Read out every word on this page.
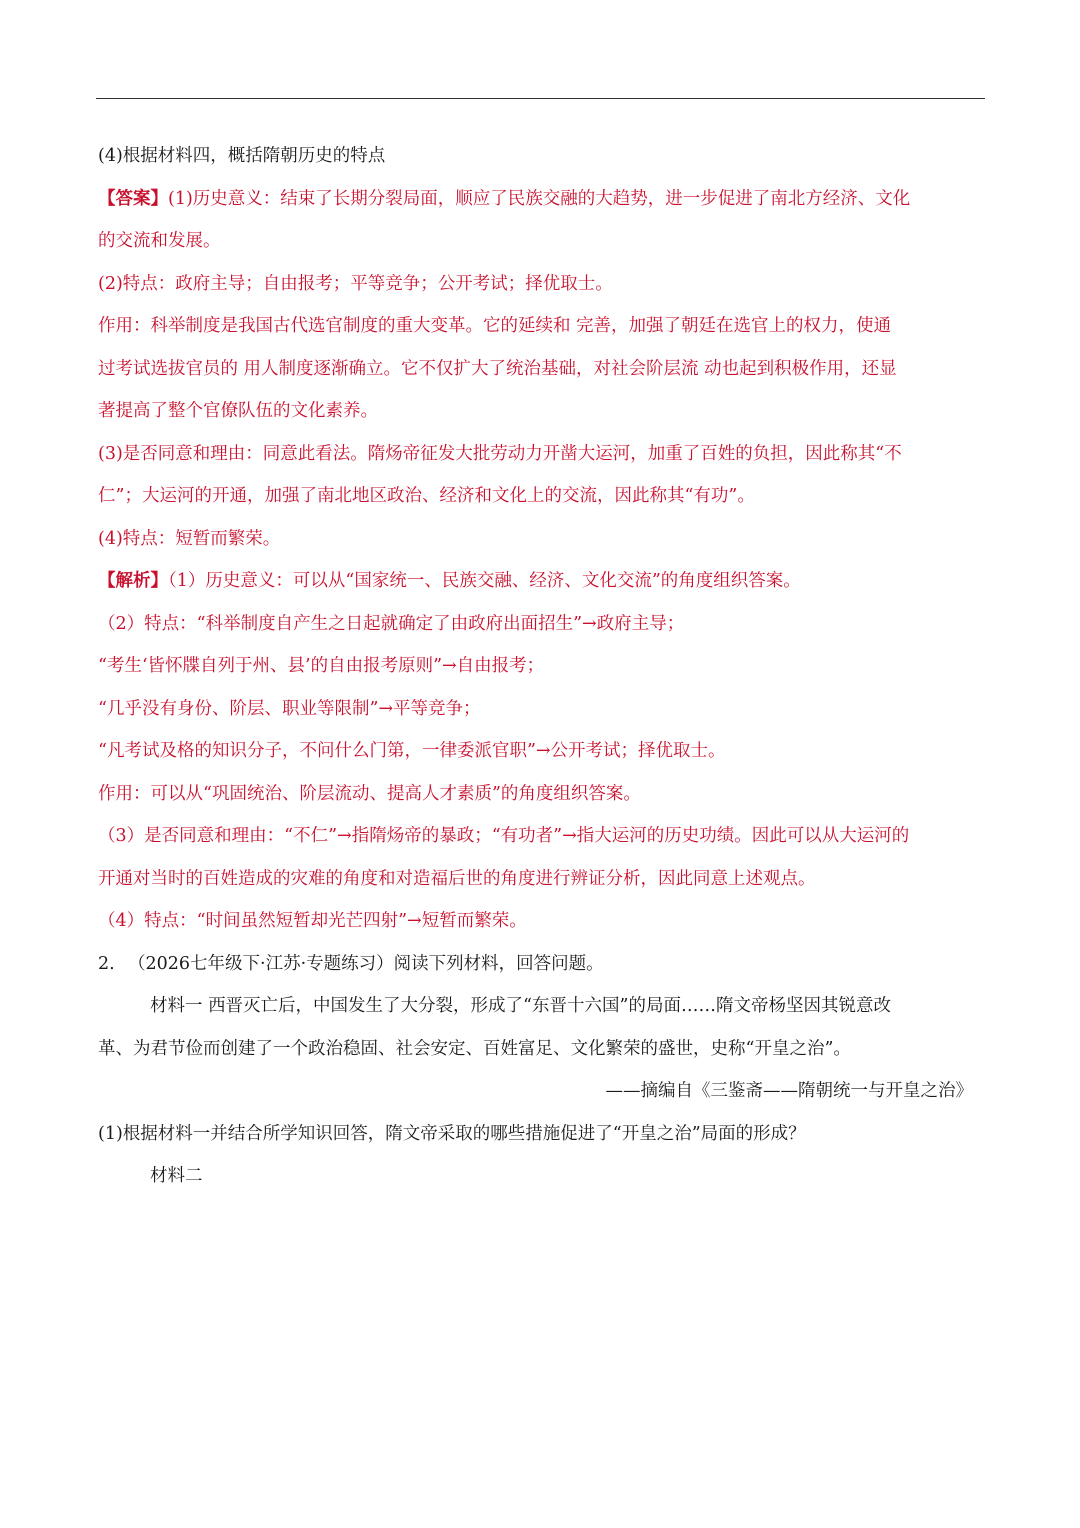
(4)根据材料四，概括隋朝历史的特点
【答案】(1)历史意义：结束了长期分裂局面，顺应了民族交融的大趋势，进一步促进了南北方经济、文化
的交流和发展。
(2)特点：政府主导；自由报考；平等竞争；公开考试；择优取士。
作用：科举制度是我国古代选官制度的重大变革。它的延续和 完善，加强了朝廷在选官上的权力，使通
过考试选拔官员的 用人制度逐渐确立。它不仅扩大了统治基础，对社会阶层流 动也起到积极作用，还显
著提高了整个官僚队伍的文化素养。
(3)是否同意和理由：同意此看法。隋炀帝征发大批劳动力开凿大运河，加重了百姓的负担，因此称其“不
仁”；大运河的开通，加强了南北地区政治、经济和文化上的交流，因此称其“有功”。
(4)特点：短暂而繁荣。
【解析】（1）历史意义：可以从“国家统一、民族交融、经济、文化交流”的角度组织答案。
（2）特点：“科举制度自产生之日起就确定了由政府出面招生”→政府主导；
“考生‘皆怀牒自列于州、县’的自由报考原则”→自由报考；
“几乎没有身份、阶层、职业等限制”→平等竞争；
“凡考试及格的知识分子，不问什么门第，一律委派官职”→公开考试；择优取士。
作用：可以从“巩固统治、阶层流动、提高人才素质”的角度组织答案。
（3）是否同意和理由：“不仁”→指隋炀帝的暴政；“有功者”→指大运河的历史功绩。因此可以从大运河的
开通对当时的百姓造成的灾难的角度和对造福后世的角度进行辨证分析，因此同意上述观点。
（4）特点：“时间虽然短暂却光芒四射”→短暂而繁荣。
2. （2026七年级下·江苏·专题练习）阅读下列材料，回答问题。
材料一 西晋灭亡后，中国发生了大分裂，形成了“东晋十六国”的局面……隋文帝杨坚因其锐意改
革、为君节俭而创建了一个政治稳固、社会安定、百姓富足、文化繁荣的盛世，史称“开皇之治”。
——摘编自《三鉴斋——隋朝统一与开皇之治》
(1)根据材料一并结合所学知识回答，隋文帝采取的哪些措施促进了“开皇之治”局面的形成？
材料二
